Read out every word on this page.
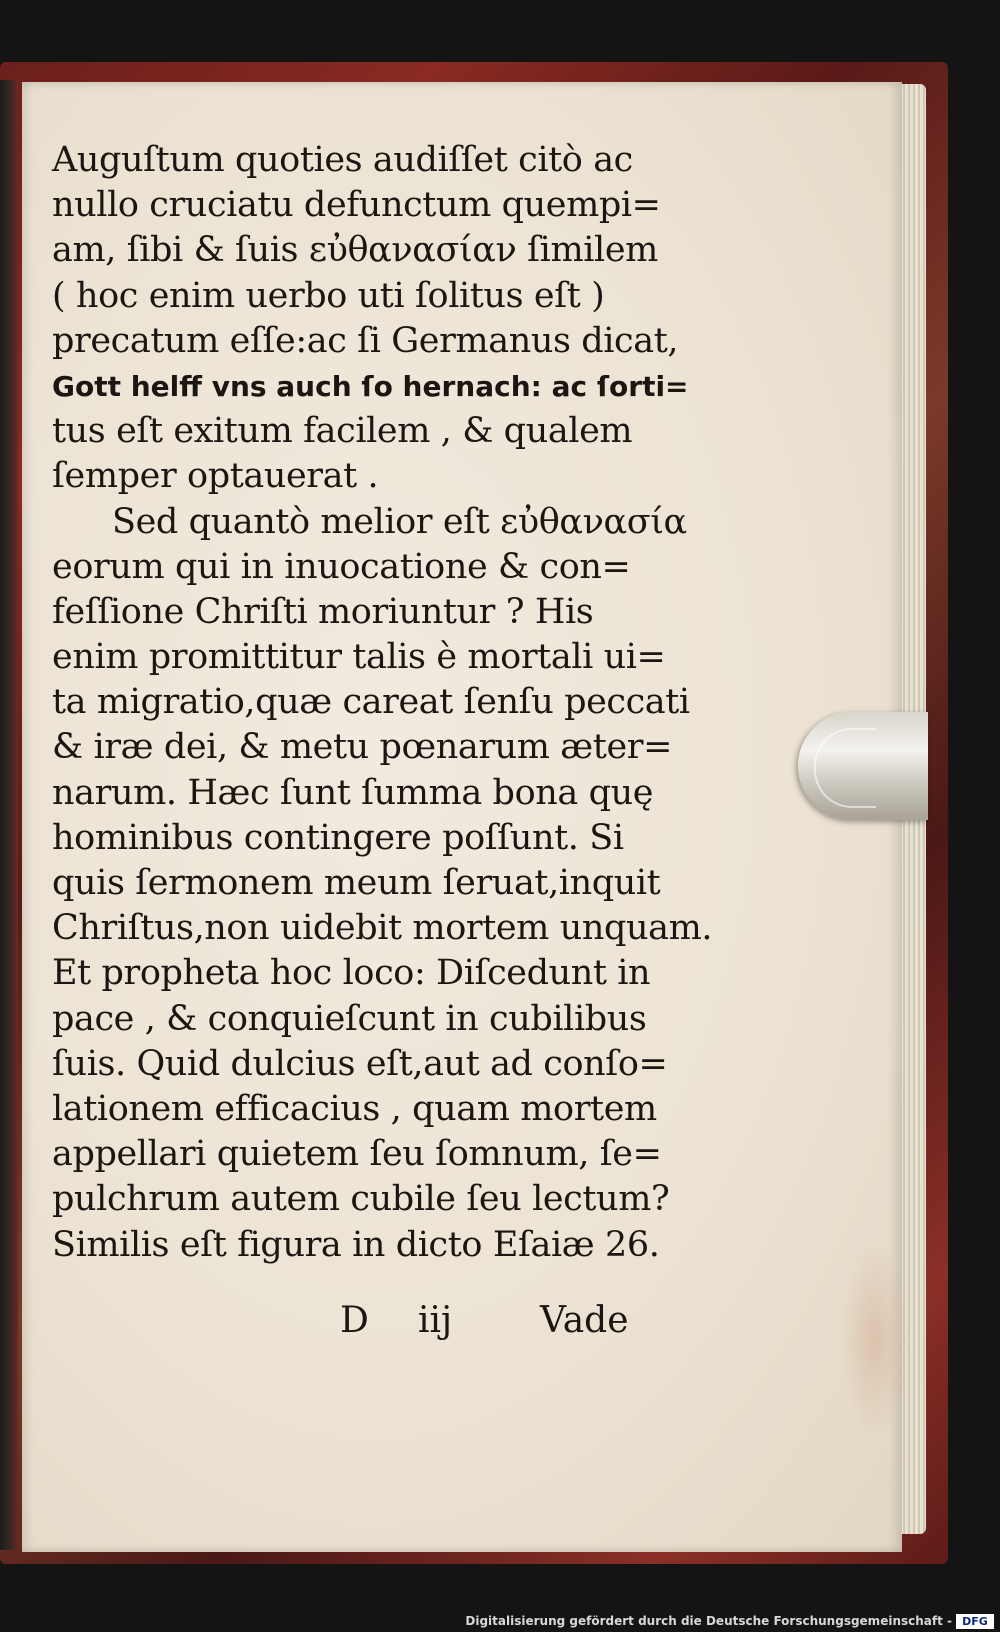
Auguſtum quoties audiſſet citò ac
nullo cruciatu defunctum quempi=
am, ſibi & ſuis εὐθανασίαν ſimilem
( hoc enim uerbo uti ſolitus eſt )
precatum eſſe:ac ſi Germanus dicat,
Gott helff vns auch ſo hernach: ac ſorti=
tus eſt exitum facilem , & qualem
ſemper optauerat .
Sed quantò melior eſt εὐθανασία
eorum qui in inuocatione & con=
feſſione Chriſti moriuntur ? His
enim promittitur talis è mortali ui=
ta migratio,quæ careat ſenſu peccati
& iræ dei, & metu pœnarum æter=
narum. Hæc ſunt ſumma bona quę
hominibus contingere poſſunt. Si
quis ſermonem meum ſeruat,inquit
Chriſtus,non uidebit mortem unquam.
Et propheta hoc loco: Diſcedunt in
pace , & conquieſcunt in cubilibus
ſuis. Quid dulcius eſt,aut ad conſo=
lationem efficacius , quam mortem
appellari quietem ſeu ſomnum, ſe=
pulchrum autem cubile ſeu lectum?
Similis eſt figura in dicto Eſaiæ 26.
D iij Vade
Digitalisierung gefördert durch die Deutsche Forschungsgemeinschaft - DFG
